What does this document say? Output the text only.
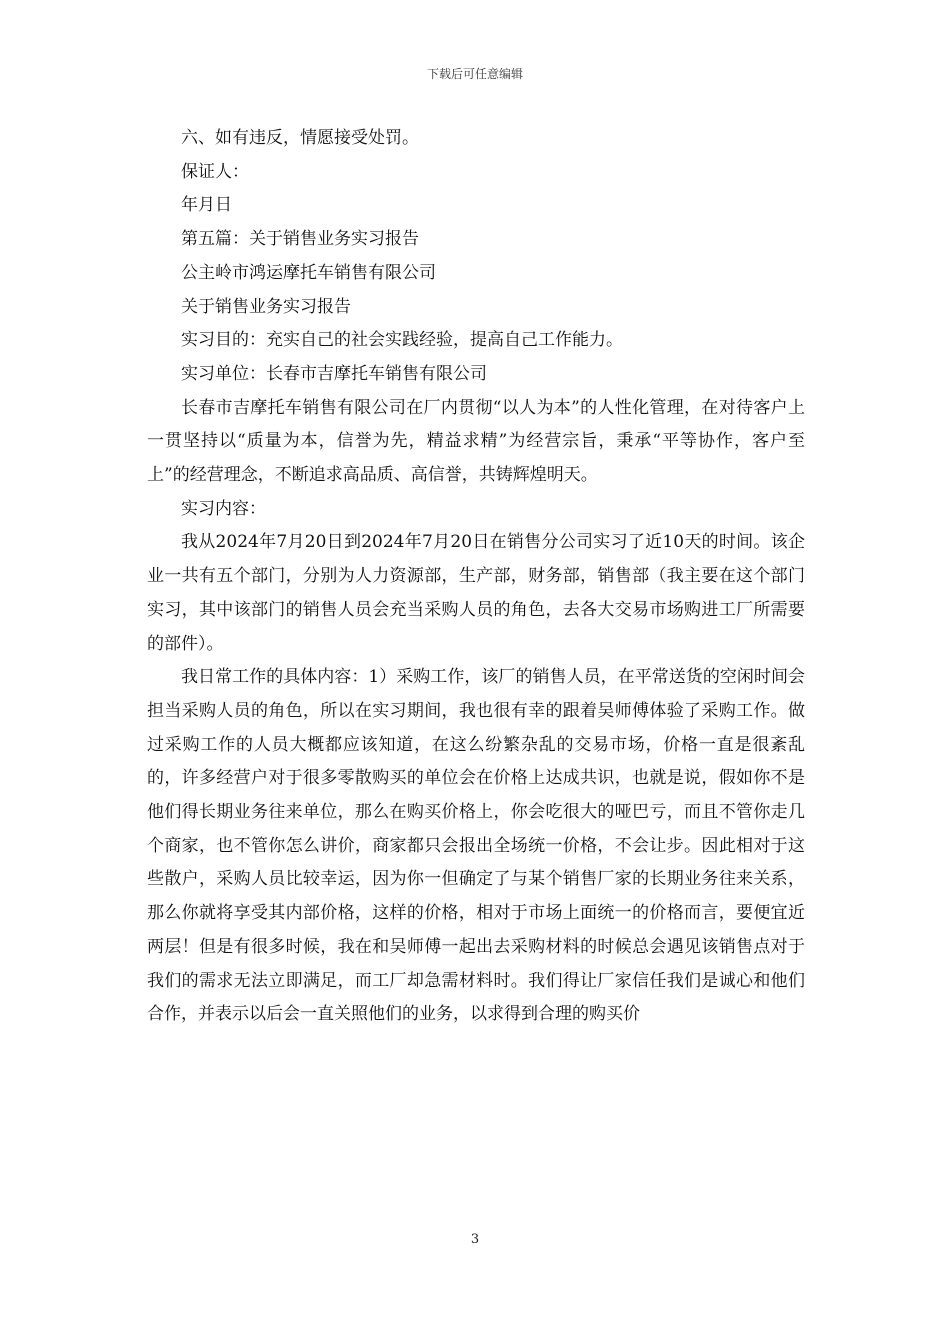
下载后可任意编辑

六、如有违反，情愿接受处罚。

保证人：

年月日

第五篇：关于销售业务实习报告

公主岭市鸿运摩托车销售有限公司

关于销售业务实习报告

实习目的：充实自己的社会实践经验，提高自己工作能力。

实习单位：长春市吉摩托车销售有限公司

长春市吉摩托车销售有限公司在厂内贯彻“以人为本”的人性化管理，在对待客户上一贯坚持以“质量为本，信誉为先，精益求精”为经营宗旨，秉承“平等协作，客户至上”的经营理念，不断追求高品质、高信誉，共铸辉煌明天。

实习内容：

我从2024年7月20日到2024年7月20日在销售分公司实习了近10天的时间。该企业一共有五个部门，分别为人力资源部，生产部，财务部，销售部（我主要在这个部门实习，其中该部门的销售人员会充当采购人员的角色，去各大交易市场购进工厂所需要的部件）。

我日常工作的具体内容：1）采购工作，该厂的销售人员，在平常送货的空闲时间会担当采购人员的角色，所以在实习期间，我也很有幸的跟着吴师傅体验了采购工作。做过采购工作的人员大概都应该知道，在这么纷繁杂乱的交易市场，价格一直是很紊乱的，许多经营户对于很多零散购买的单位会在价格上达成共识，也就是说，假如你不是他们得长期业务往来单位，那么在购买价格上，你会吃很大的哑巴亏，而且不管你走几个商家，也不管你怎么讲价，商家都只会报出全场统一价格，不会让步。因此相对于这些散户，采购人员比较幸运，因为你一但确定了与某个销售厂家的长期业务往来关系，那么你就将享受其内部价格，这样的价格，相对于市场上面统一的价格而言，要便宜近两层！但是有很多时候，我在和吴师傅一起出去采购材料的时候总会遇见该销售点对于我们的需求无法立即满足，而工厂却急需材料时。我们得让厂家信任我们是诚心和他们合作，并表示以后会一直关照他们的业务，以求得到合理的购买价

3
